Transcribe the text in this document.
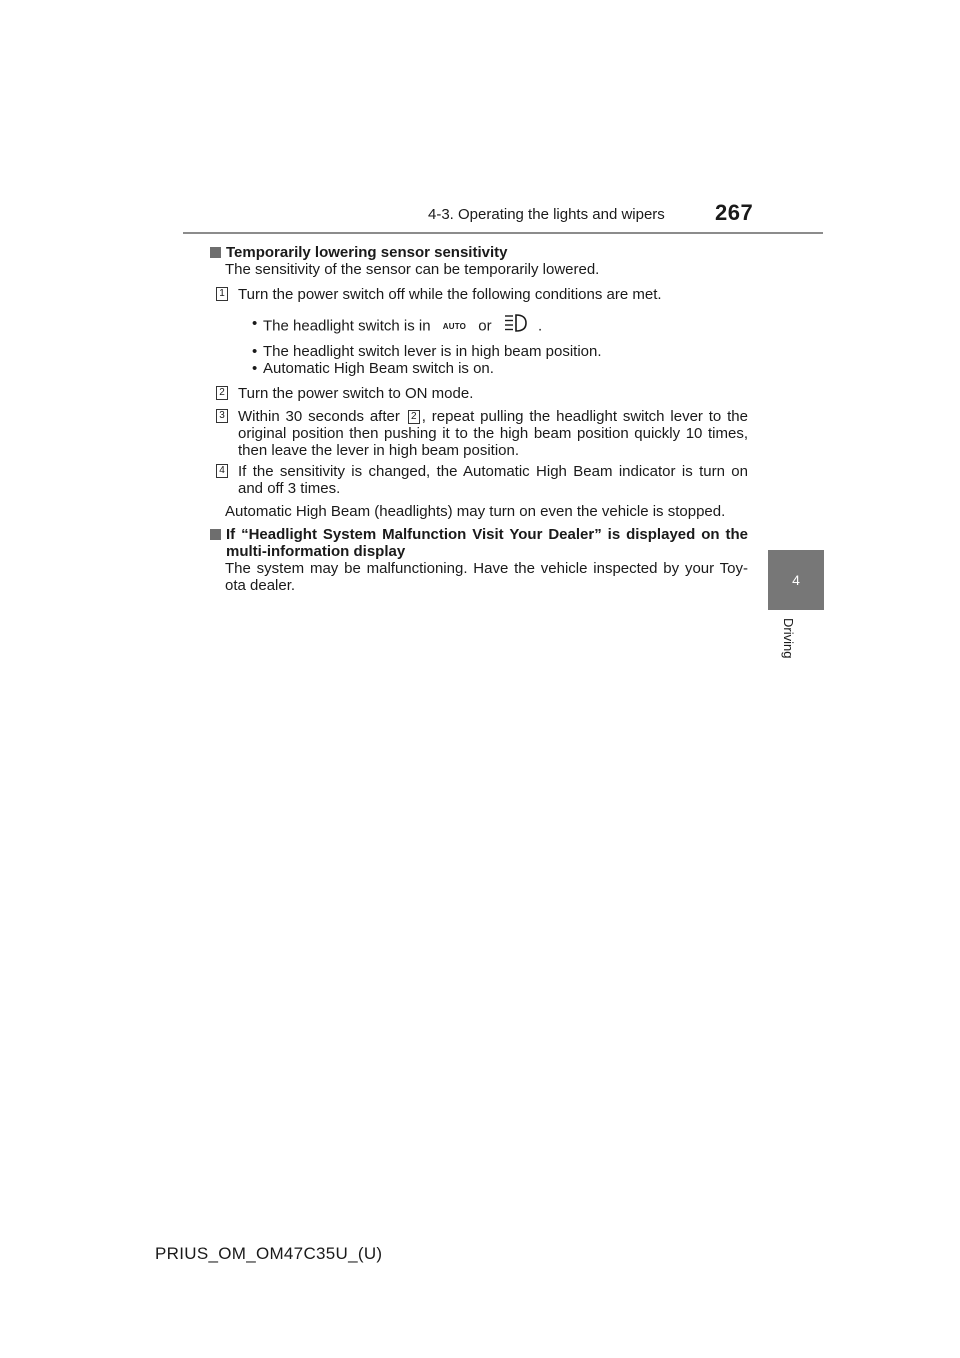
4-3. Operating the lights and wipers 267
4
Driving
Temporarily lowering sensor sensitivity
The sensitivity of the sensor can be temporarily lowered.
1 Turn the power switch off while the following conditions are met.
• The headlight switch is in AUTO or	.
• The headlight switch lever is in high beam position.
• Automatic High Beam switch is on.
2 Turn the power switch to ON mode.
3 Within 30 seconds after 2 , repeat pulling the headlight switch lever to the original position then pushing it to the high beam position quickly 10 times, then leave the lever in high beam position.
4 If the sensitivity is changed, the Automatic High Beam indicator is turn on and off 3 times.
Automatic High Beam (headlights) may turn on even the vehicle is stopped.
If “Headlight System Malfunction Visit Your Dealer” is displayed on the multi-information display
The system may be malfunctioning. Have the vehicle inspected by your Toy-ota dealer.
PRIUS_OM_OM47C35U_(U)
